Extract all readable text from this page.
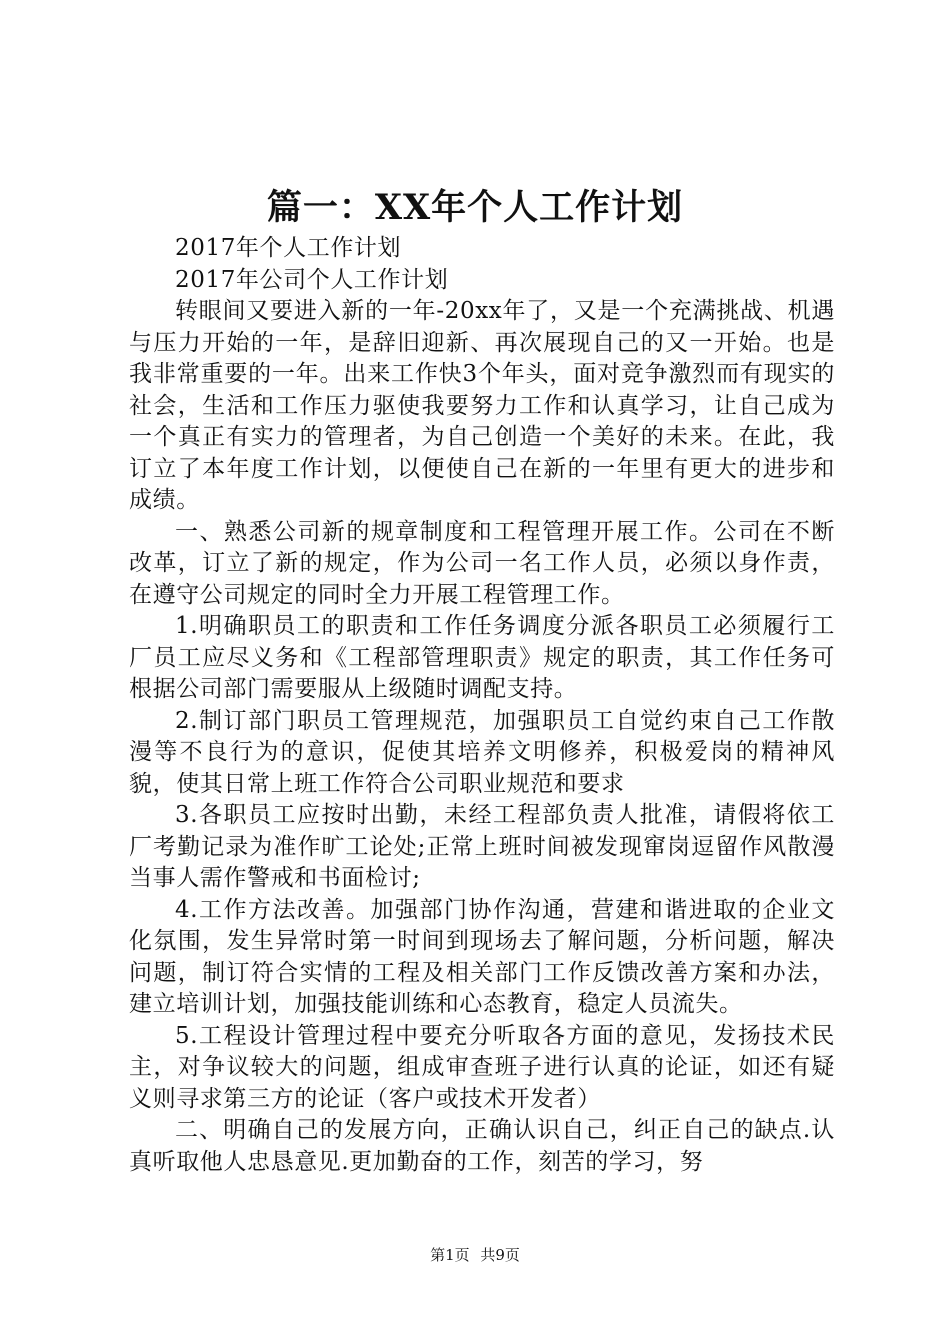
篇一：XX年个人工作计划

2017年个人工作计划

2017年公司个人工作计划

转眼间又要进入新的一年-20xx年了，又是一个充满挑战、机遇与压力开始的一年，是辞旧迎新、再次展现自己的又一开始。也是我非常重要的一年。出来工作快3个年头，面对竞争激烈而有现实的社会，生活和工作压力驱使我要努力工作和认真学习，让自己成为一个真正有实力的管理者，为自己创造一个美好的未来。在此，我订立了本年度工作计划，以便使自己在新的一年里有更大的进步和成绩。

一、熟悉公司新的规章制度和工程管理开展工作。公司在不断改革，订立了新的规定，作为公司一名工作人员，必须以身作责，在遵守公司规定的同时全力开展工程管理工作。

1.明确职员工的职责和工作任务调度分派各职员工必须履行工厂员工应尽义务和《工程部管理职责》规定的职责，其工作任务可根据公司部门需要服从上级随时调配支持。

2.制订部门职员工管理规范，加强职员工自觉约束自己工作散漫等不良行为的意识，促使其培养文明修养，积极爱岗的精神风貌，使其日常上班工作符合公司职业规范和要求

3.各职员工应按时出勤，未经工程部负责人批准，请假将依工厂考勤记录为准作旷工论处;正常上班时间被发现窜岗逗留作风散漫当事人需作警戒和书面检讨;

4.工作方法改善。加强部门协作沟通，营建和谐进取的企业文化氛围，发生异常时第一时间到现场去了解问题，分析问题，解决问题，制订符合实情的工程及相关部门工作反馈改善方案和办法，建立培训计划，加强技能训练和心态教育，稳定人员流失。

5.工程设计管理过程中要充分听取各方面的意见，发扬技术民主，对争议较大的问题，组成审查班子进行认真的论证，如还有疑义则寻求第三方的论证（客户或技术开发者）

二、明确自己的发展方向，正确认识自己，纠正自己的缺点.认真听取他人忠恳意见.更加勤奋的工作，刻苦的学习，努

第1页 共9页
